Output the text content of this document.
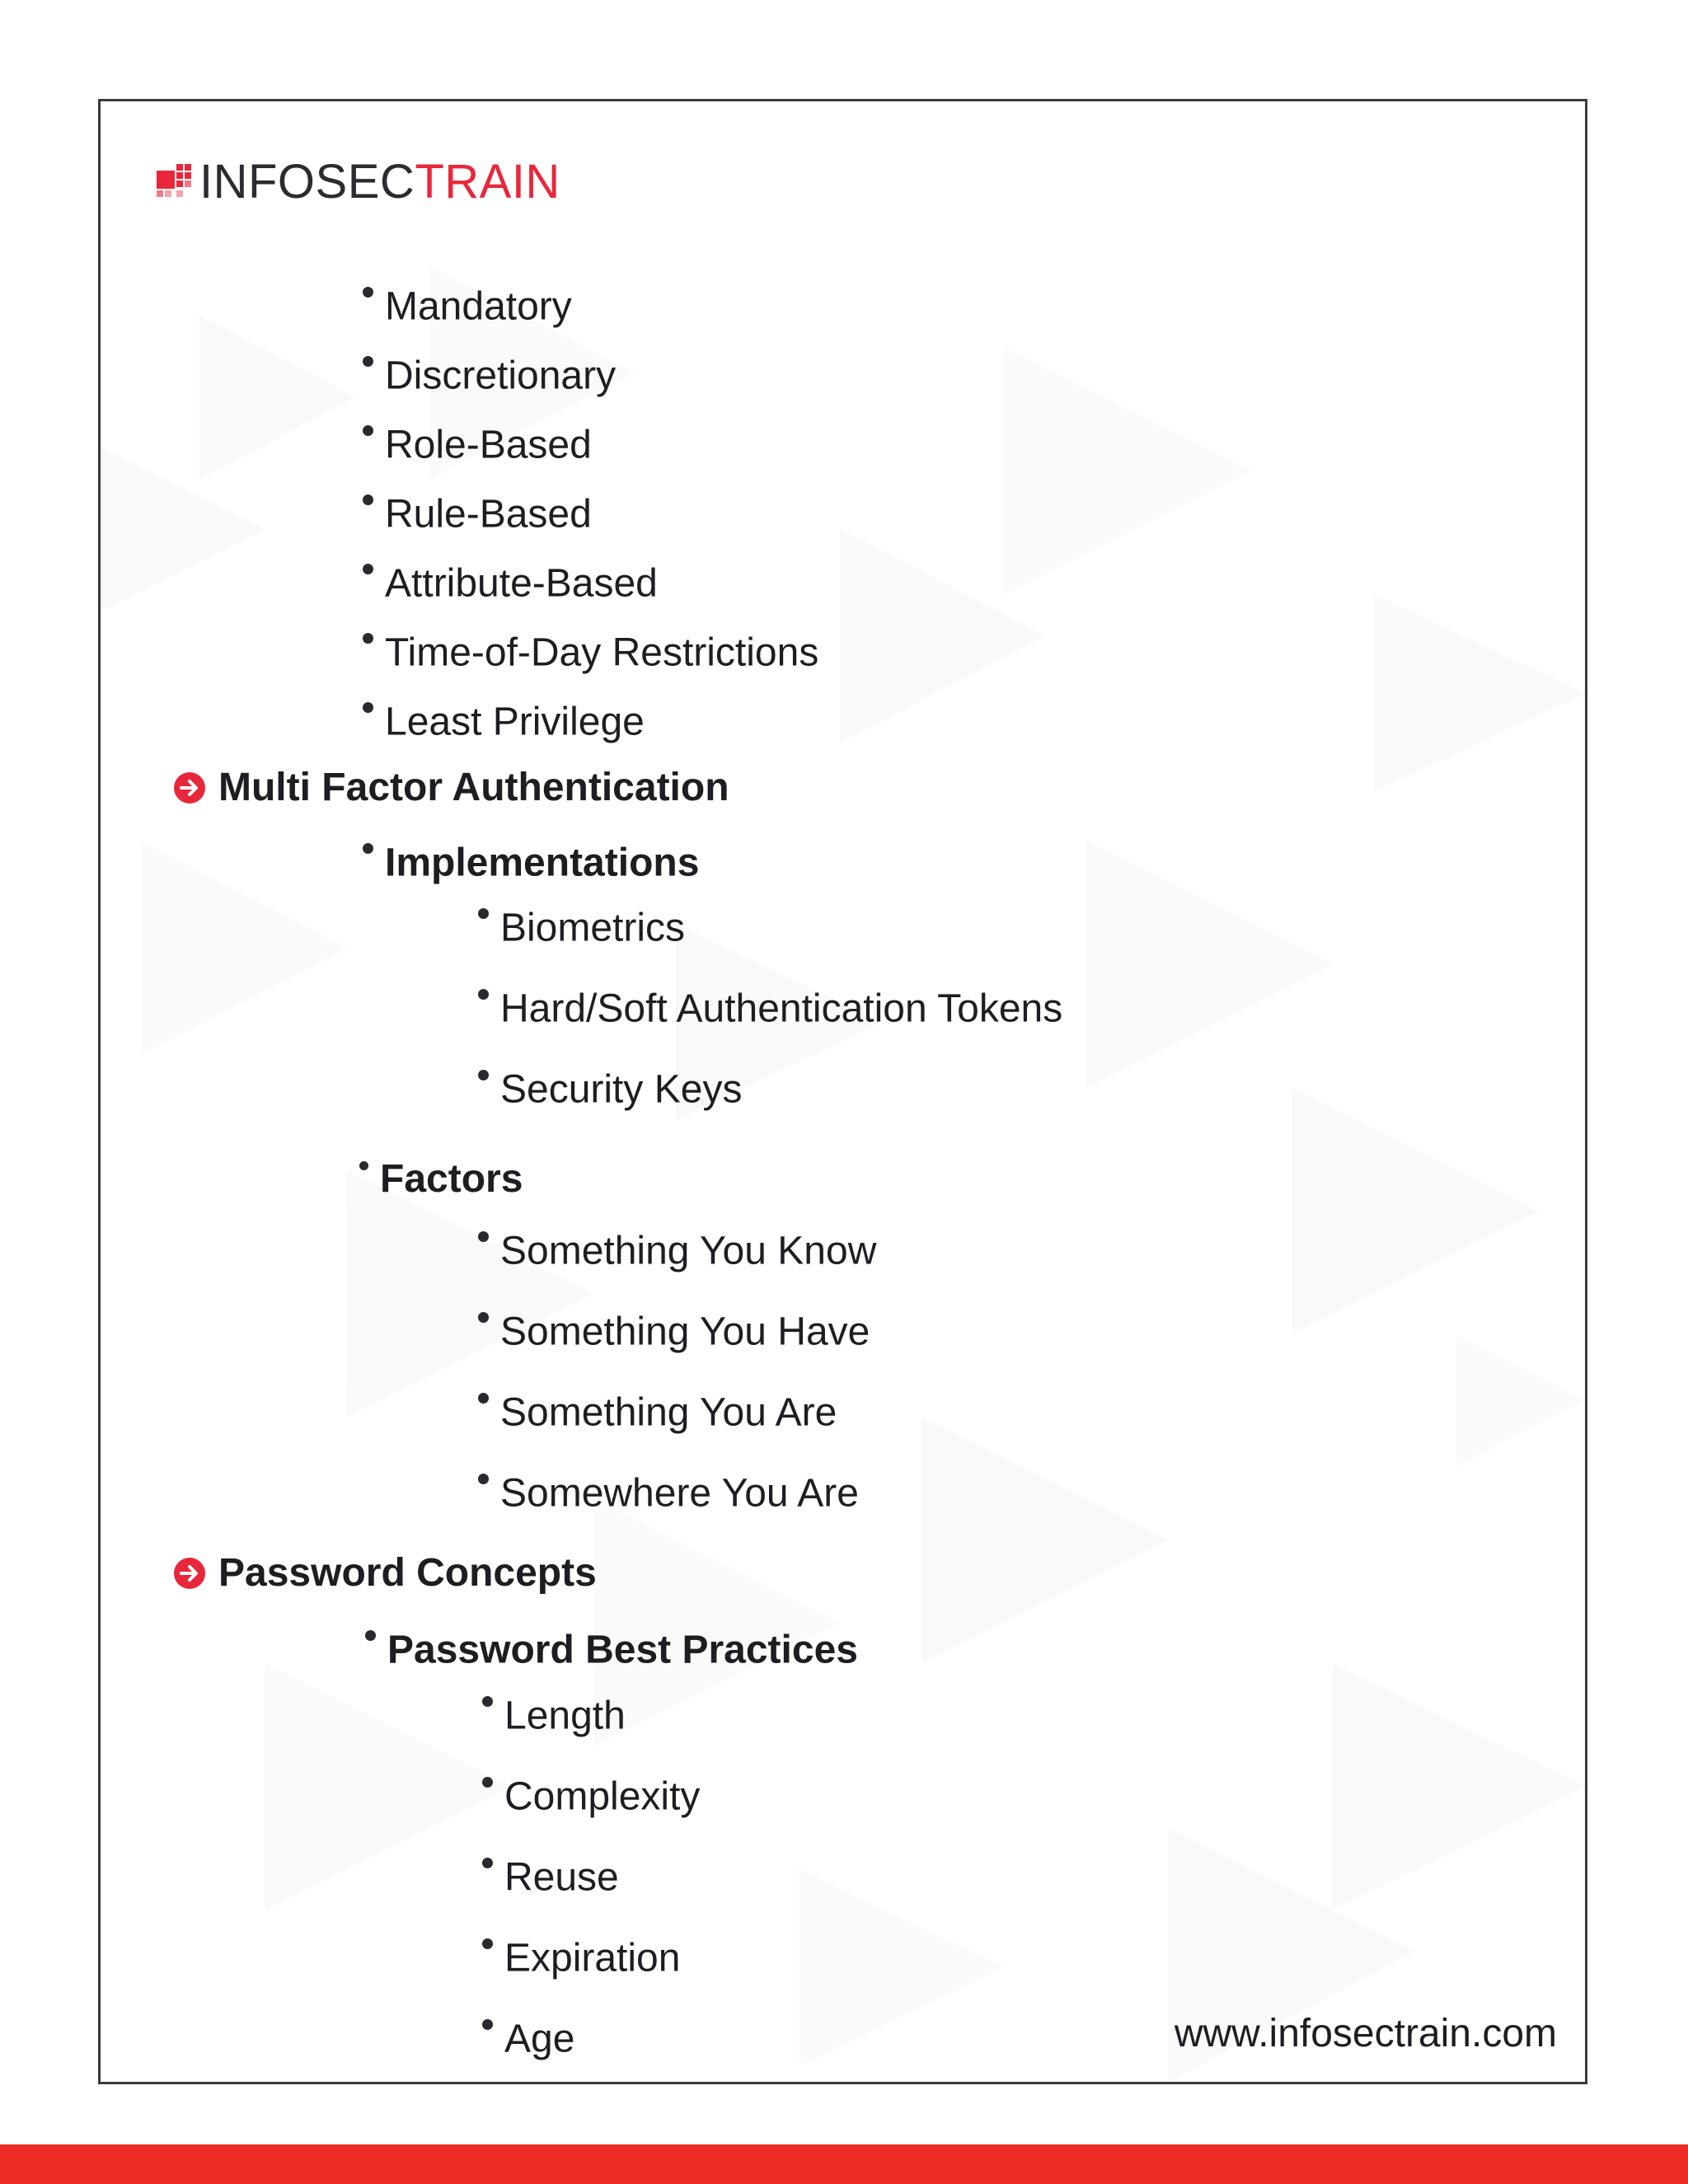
INFOSECTRAIN
Mandatory
Discretionary
Role-Based
Rule-Based
Attribute-Based
Time-of-Day Restrictions
Least Privilege
Multi Factor Authentication
Implementations
Biometrics
Hard/Soft Authentication Tokens
Security Keys
Factors
Something You Know
Something You Have
Something You Are
Somewhere You Are
Password Concepts
Password Best Practices
Length
Complexity
Reuse
Expiration
Age	www.infosectrain.com
